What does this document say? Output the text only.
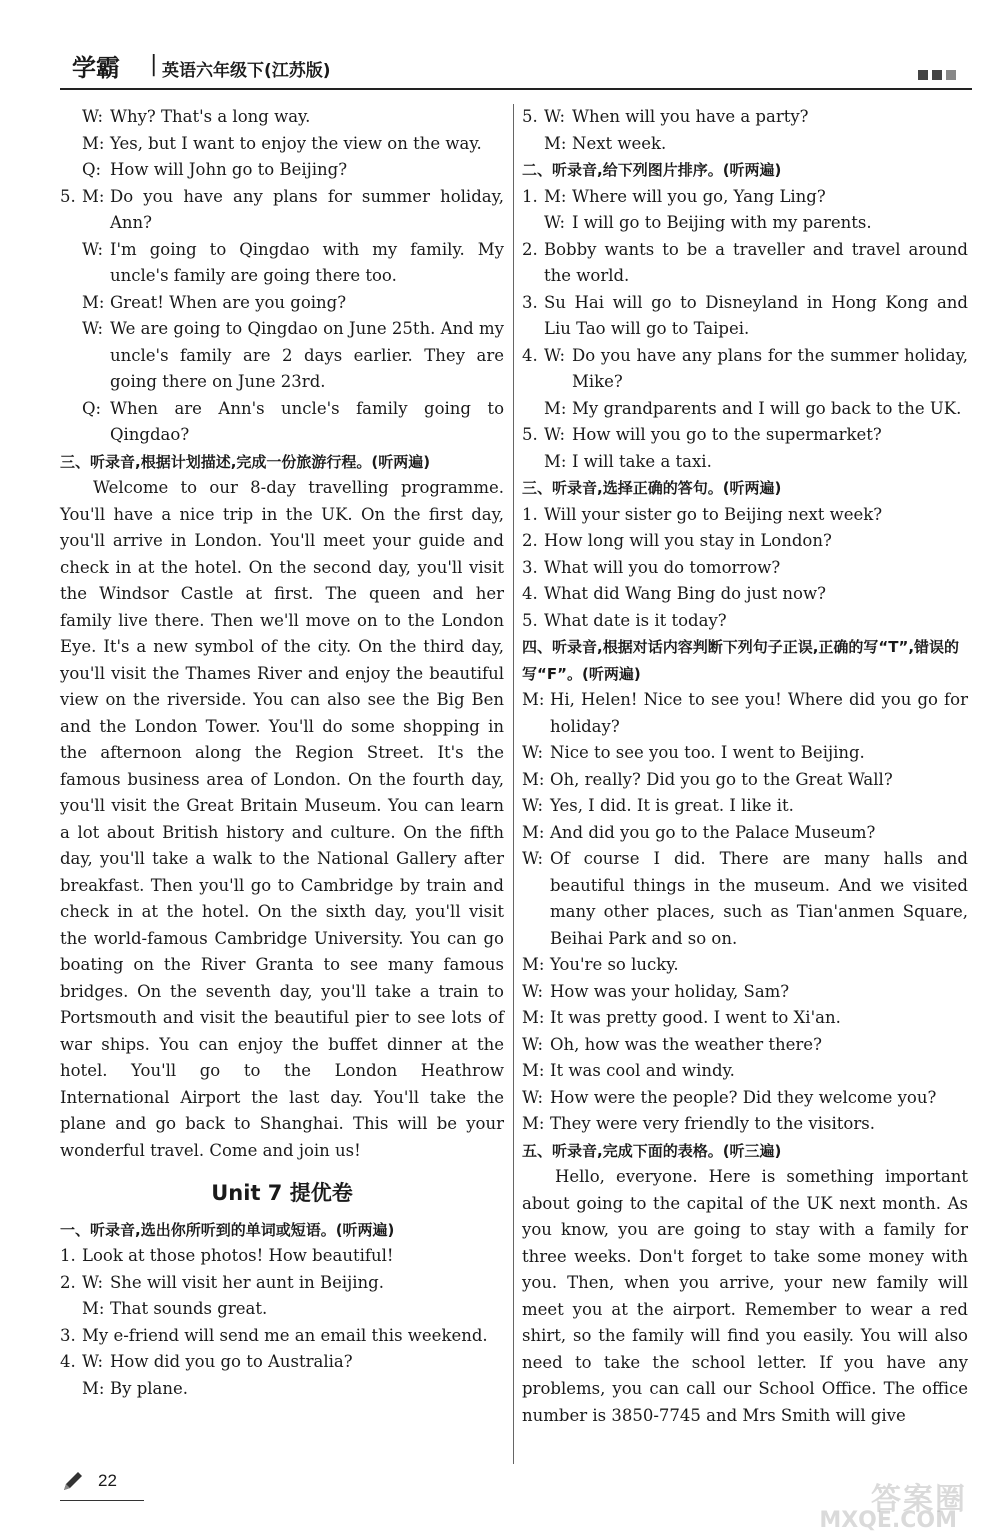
学霸 | 英语六年级下(江苏版)
W: Why? That's a long way.
M: Yes, but I want to enjoy the view on the way.
Q: How will John go to Beijing?
5. M: Do you have any plans for summer holiday, Ann?
W: I'm going to Qingdao with my family. My uncle's family are going there too.
M: Great! When are you going?
W: We are going to Qingdao on June 25th. And my uncle's family are 2 days earlier. They are going there on June 23rd.
Q: When are Ann's uncle's family going to Qingdao?
三、听录音,根据计划描述,完成一份旅游行程。(听两遍)
Welcome to our 8-day travelling programme. You'll have a nice trip in the UK. On the first day, you'll arrive in London. You'll meet your guide and check in at the hotel. On the second day, you'll visit the Windsor Castle at first. The queen and her family live there. Then we'll move on to the London Eye. It's a new symbol of the city. On the third day, you'll visit the Thames River and enjoy the beautiful view on the riverside. You can also see the Big Ben and the London Tower. You'll do some shopping in the afternoon along the Region Street. It's the famous business area of London. On the fourth day, you'll visit the Great Britain Museum. You can learn a lot about British history and culture. On the fifth day, you'll take a walk to the National Gallery after breakfast. Then you'll go to Cambridge by train and check in at the hotel. On the sixth day, you'll visit the world-famous Cambridge University. You can go boating on the River Granta to see many famous bridges. On the seventh day, you'll take a train to Portsmouth and visit the beautiful pier to see lots of war ships. You can enjoy the buffet dinner at the hotel. You'll go to the London Heathrow International Airport the last day. You'll take the plane and go back to Shanghai. This will be your wonderful travel. Come and join us!
Unit 7 提优卷
一、听录音,选出你所听到的单词或短语。(听两遍)
1. Look at those photos! How beautiful!
2. W: She will visit her aunt in Beijing.
M: That sounds great.
3. My e-friend will send me an email this weekend.
4. W: How did you go to Australia?
M: By plane.
5. W: When will you have a party?
M: Next week.
二、听录音,给下列图片排序。(听两遍)
1. M: Where will you go, Yang Ling?
W: I will go to Beijing with my parents.
2. Bobby wants to be a traveller and travel around the world.
3. Su Hai will go to Disneyland in Hong Kong and Liu Tao will go to Taipei.
4. W: Do you have any plans for the summer holiday, Mike?
M: My grandparents and I will go back to the UK.
5. W: How will you go to the supermarket?
M: I will take a taxi.
三、听录音,选择正确的答句。(听两遍)
1. Will your sister go to Beijing next week?
2. How long will you stay in London?
3. What will you do tomorrow?
4. What did Wang Bing do just now?
5. What date is it today?
四、听录音,根据对话内容判断下列句子正误,正确的写“T”,错误的写“F”。(听两遍)
M: Hi, Helen! Nice to see you! Where did you go for holiday?
W: Nice to see you too. I went to Beijing.
M: Oh, really? Did you go to the Great Wall?
W: Yes, I did. It is great. I like it.
M: And did you go to the Palace Museum?
W: Of course I did. There are many halls and beautiful things in the museum. And we visited many other places, such as Tian'anmen Square, Beihai Park and so on.
M: You're so lucky.
W: How was your holiday, Sam?
M: It was pretty good. I went to Xi'an.
W: Oh, how was the weather there?
M: It was cool and windy.
W: How were the people? Did they welcome you?
M: They were very friendly to the visitors.
五、听录音,完成下面的表格。(听三遍)
Hello, everyone. Here is something important about going to the capital of the UK next month. As you know, you are going to stay with a family for three weeks. Don't forget to take some money with you. Then, when you arrive, your new family will meet you at the airport. Remember to wear a red shirt, so the family will find you easily. You will also need to take the school letter. If you have any problems, you can call our School Office. The office number is 3850-7745 and Mrs Smith will give
22
答案圈
MXQE.COM
